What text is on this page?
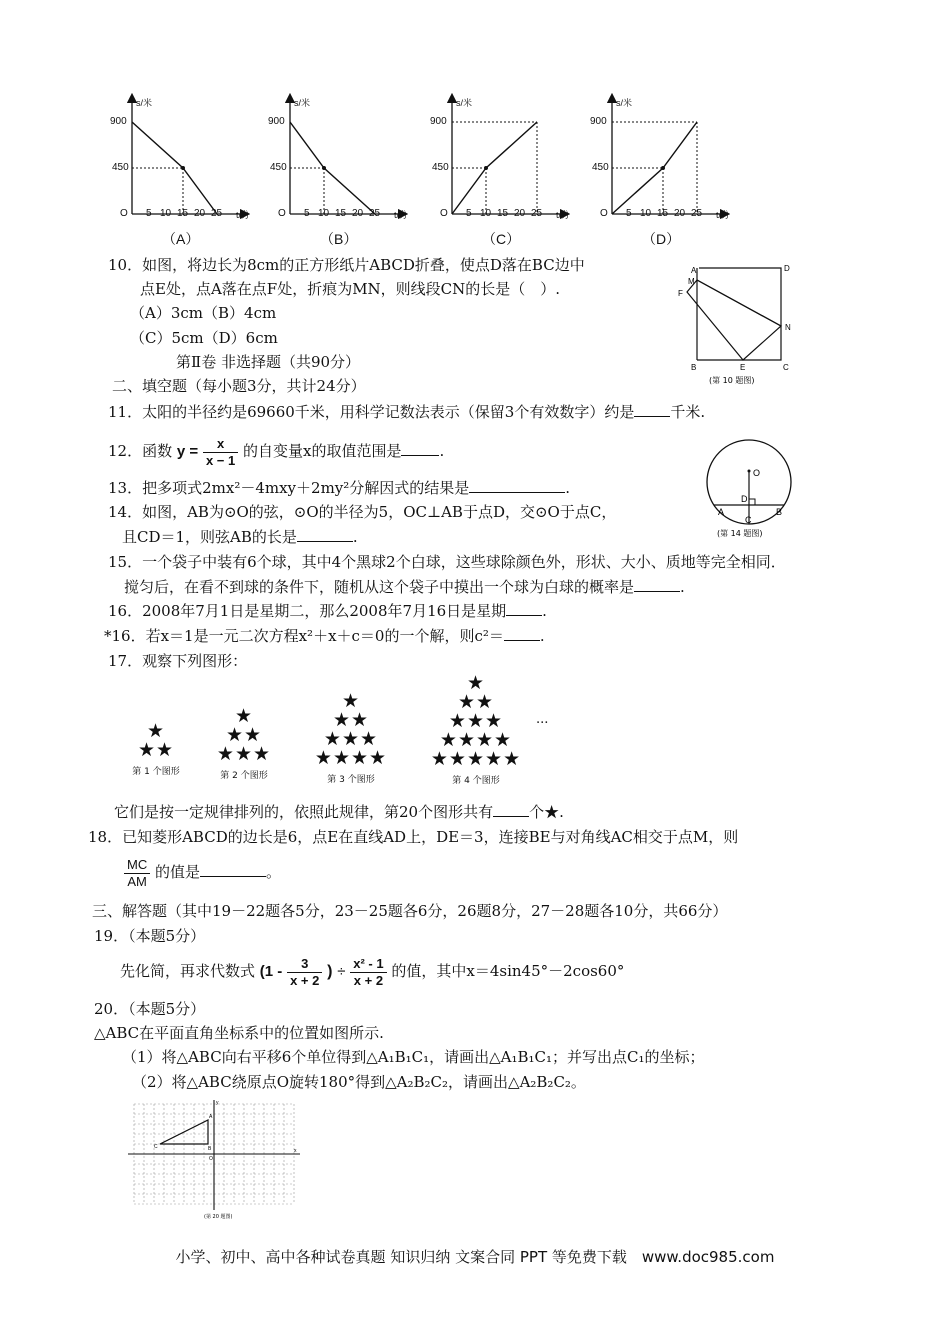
s/米
t/分
O
900
450
5 10 15 20 25
（A）
s/米
t/分
O
900
450
5 10 15 20 25
（B）
s/米
t/分
O
900
450
5 10 15 20 25
（C）
s/米
t/分
O
900
450
5 10 15 20 25
（D）
10．如图，将边长为8cm的正方形纸片ABCD折叠，使点D落在BC边中
点E处，点A落在点F处，折痕为MN，则线段CN的长是（　）.
（A）3cm（B）4cm
（C）5cm（D）6cm
A	D
M
F
N
B	E	C
(第 10 题图)
第Ⅱ卷 非选择题（共90分）
二、填空题（每小题3分，共计24分）
11．太阳的半径约是69660千米，用科学记数法表示（保留3个有效数字）约是 千米.
12．函数 $y = \frac{x}{x - 1}$ 的自变量x的取值范围是	.
13．把多项式2mx²－4mxy＋2my²分解因式的结果是	.
14．如图，AB为⊙O的弦，⊙O的半径为5，OC⊥AB于点D，交⊙O于点C，
且CD＝1，则弦AB的长是	.
O
D
A	B
C
(第 14 题图)
15．一个袋子中装有6个球，其中4个黑球2个白球，这些球除颜色外，形状、大小、质地等完全相同．
搅匀后，在看不到球的条件下，随机从这个袋子中摸出一个球为白球的概率是	.
16．2008年7月1日是星期二，那么2008年7月16日是星期 .
*16．若x＝1是一元二次方程x²＋x＋c＝0的一个解，则c²＝ .
17．观察下列图形：
★
★★
第 1 个图形
★
★★
★★★
第 2 个图形
★
★★
★★★
★★★★
第 3 个图形
★
★★
★★★
★★★★
★★★★★
第 4 个图形
...
它们是按一定规律排列的，依照此规律，第20个图形共有 个★.
18．已知菱形ABCD的边长是6，点E在直线AD上，DE＝3，连接BE与对角线AC相交于点M，则
$\frac{MC}{AM}$ 的值是	。
三、解答题（其中19－22题各5分，23－25题各6分，26题8分，27－28题各10分，共66分）
19．（本题5分）
先化简，再求代数式 ($1 - \frac{3}{x + 2}$ ) ÷ $\frac{\text{x² - 1}}{x + 2}$ 的值，其中x＝4sin45°－2cos60°
20．（本题5分）
△ABC在平面直角坐标系中的位置如图所示.
（1）将△ABC向右平移6个单位得到△A₁B₁C₁，请画出△A₁B₁C₁；并写出点C₁的坐标；
（2）将△ABC绕原点O旋转180°得到△A₂B₂C₂，请画出△A₂B₂C₂。
A
B
C
x
y
O
(第 20 题图)
小学、初中、高中各种试卷真题 知识归纳 文案合同 PPT 等免费下载　www.doc985.com
